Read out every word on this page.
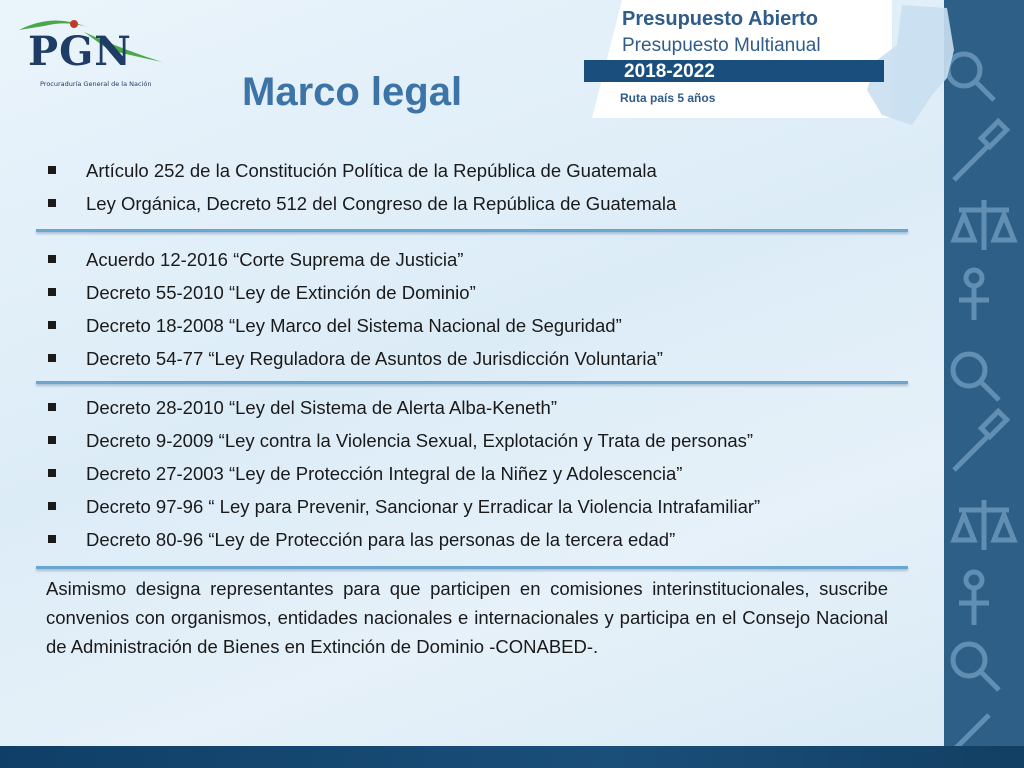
PGN
Procuraduría General de la Nación
Presupuesto Abierto
Presupuesto Multianual
2018-2022
Ruta país 5 años
Marco legal
Artículo 252 de la Constitución Política de la República de Guatemala
Ley Orgánica, Decreto 512 del Congreso de la República de Guatemala
Acuerdo 12-2016 “Corte Suprema de Justicia”
Decreto 55-2010 “Ley de Extinción de Dominio”
Decreto 18-2008 “Ley Marco del Sistema Nacional de Seguridad”
Decreto 54-77 “Ley Reguladora de Asuntos de Jurisdicción Voluntaria”
Decreto 28-2010 “Ley del Sistema de Alerta Alba-Keneth”
Decreto 9-2009 “Ley contra la Violencia Sexual, Explotación y Trata de personas”
Decreto 27-2003 “Ley de Protección Integral de la Niñez y Adolescencia”
Decreto 97-96 “ Ley para Prevenir, Sancionar y Erradicar la Violencia Intrafamiliar”
Decreto 80-96 “Ley de Protección para las personas de la tercera edad”
Asimismo designa representantes para que participen en comisiones interinstitucionales, suscribe convenios con organismos, entidades nacionales e internacionales y participa en el Consejo Nacional de Administración de Bienes en Extinción de Dominio -CONABED-.
